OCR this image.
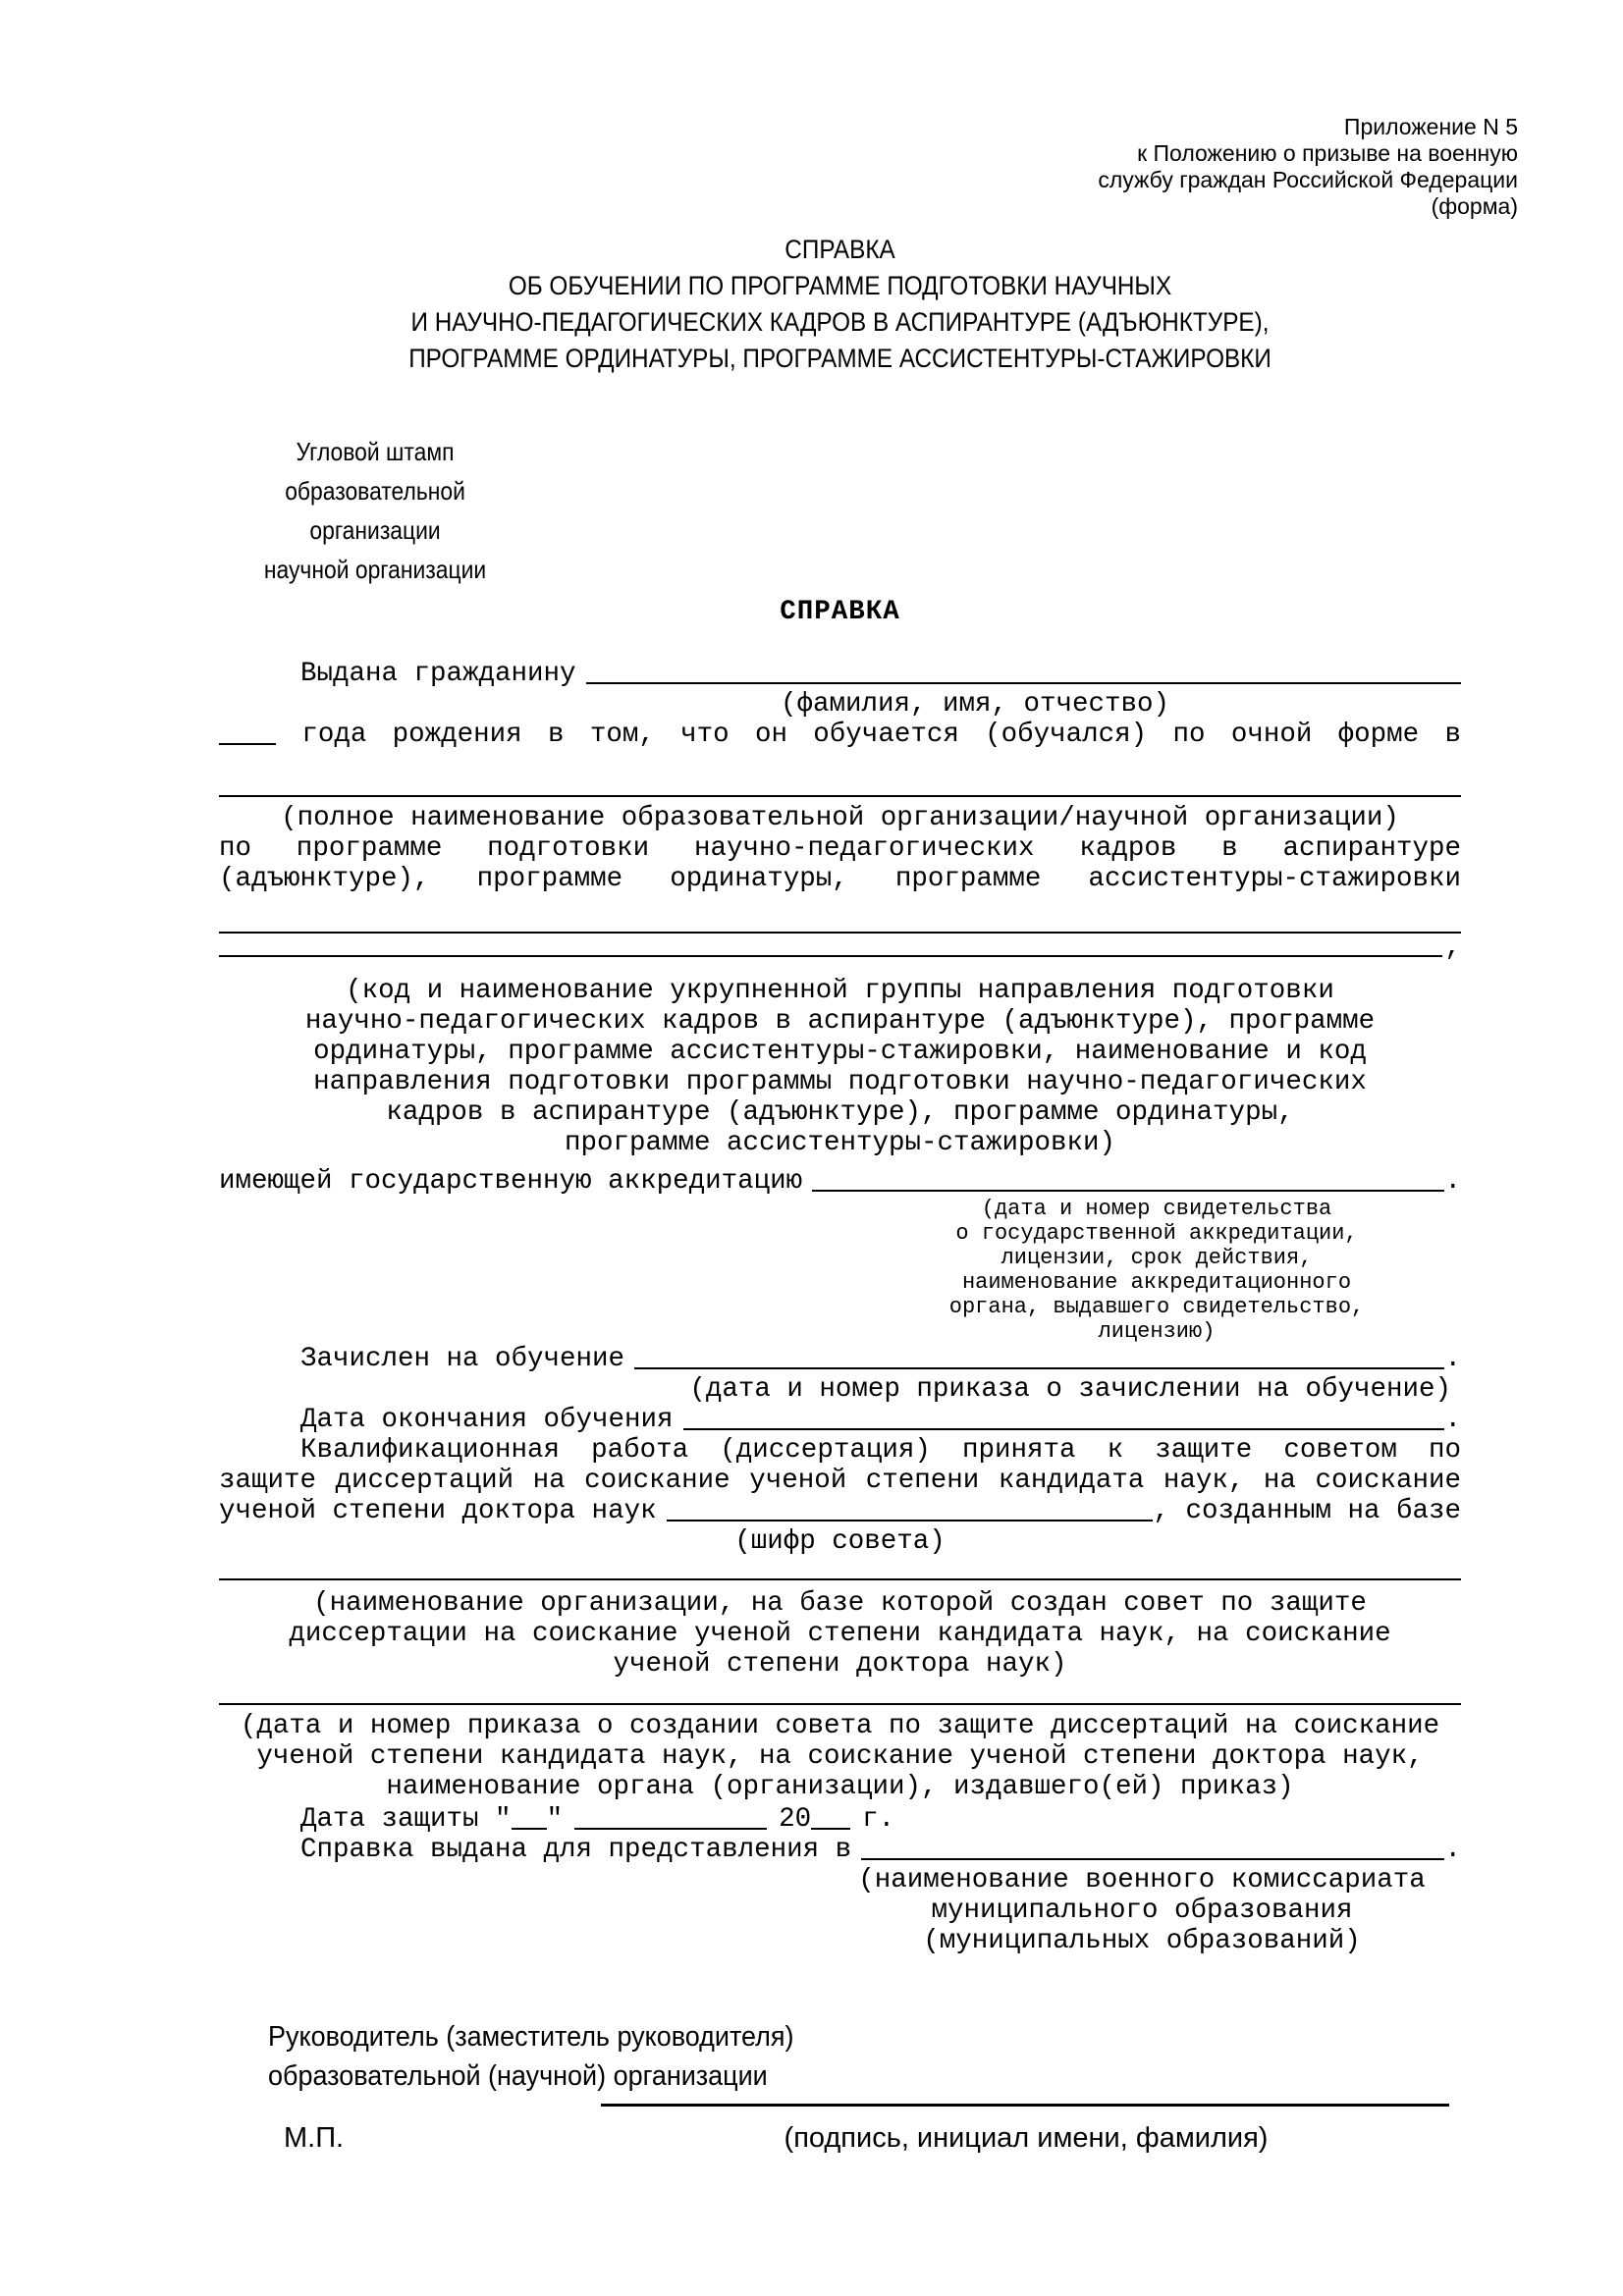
Приложение N 5
к Положению о призыве на военную
службу граждан Российской Федерации
(форма)
СПРАВКА
ОБ ОБУЧЕНИИ ПО ПРОГРАММЕ ПОДГОТОВКИ НАУЧНЫХ
И НАУЧНО-ПЕДАГОГИЧЕСКИХ КАДРОВ В АСПИРАНТУРЕ (АДЪЮНКТУРЕ),
ПРОГРАММЕ ОРДИНАТУРЫ, ПРОГРАММЕ АССИСТЕНТУРЫ-СТАЖИРОВКИ
Угловой штамп
образовательной организации
научной организации
СПРАВКА
Выдана гражданину
(фамилия, имя, отчество)
года рождения в том, что он обучается (обучался) по очной форме в
(полное наименование образовательной организации/научной организации)
по программе подготовки научно-педагогических кадров в аспирантуре
(адъюнктуре), программе ординатуры, программе ассистентуры-стажировки
,
(код и наименование укрупненной группы направления подготовки
научно-педагогических кадров в аспирантуре (адъюнктуре), программе
ординатуры, программе ассистентуры-стажировки, наименование и код
направления подготовки программы подготовки научно-педагогических
кадров в аспирантуре (адъюнктуре), программе ординатуры,
программе ассистентуры-стажировки)
имеющей государственную аккредитацию	.
(дата и номер свидетельства
о государственной аккредитации,
лицензии, срок действия,
наименование аккредитационного
органа, выдавшего свидетельство,
лицензию)
Зачислен на обучение	.
(дата и номер приказа о зачислении на обучение)
Дата окончания обучения	.
Квалификационная работа (диссертация) принята к защите советом по
защите диссертаций на соискание ученой степени кандидата наук, на соискание
ученой степени доктора наук	, созданным на базе
(шифр совета)
(наименование организации, на базе которой создан совет по защите
диссертации на соискание ученой степени кандидата наук, на соискание
ученой степени доктора наук)
(дата и номер приказа о создании совета по защите диссертаций на соискание
ученой степени кандидата наук, на соискание ученой степени доктора наук,
наименование органа (организации), издавшего(ей) приказ)
Дата защиты
" "	20 г.
Справка выдана для представления в	.
(наименование военного комиссариата
муниципального образования
(муниципальных образований)
Руководитель (заместитель руководителя)
образовательной (научной) организации
М.П.	(подпись, инициал имени, фамилия)
